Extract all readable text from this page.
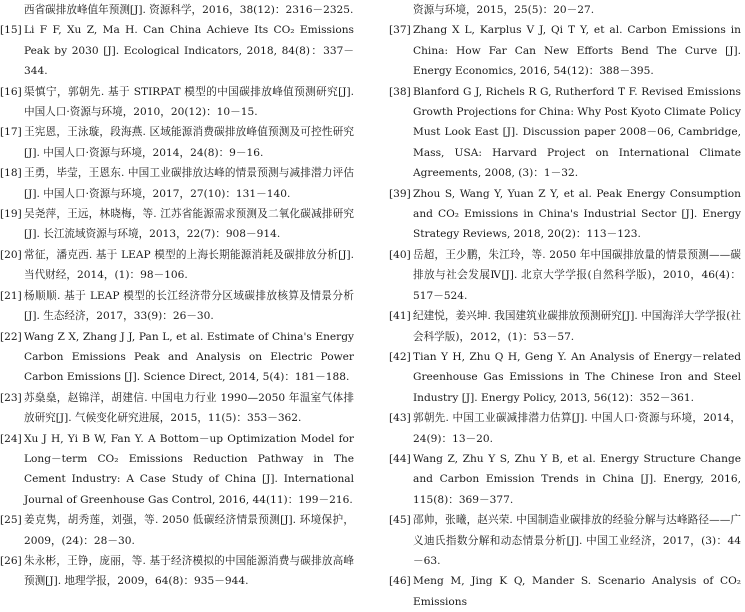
西省碳排放峰值年预测[J]. 资源科学，2016，38(12)：2316－2325.
[15] Li F F, Xu Z, Ma H. Can China Achieve Its CO₂ Emissions Peak by 2030 [J]. Ecological Indicators, 2018, 84(8)：337－344.
[16] 渠慎宁，郭朝先. 基于 STIRPAT 模型的中国碳排放峰值预测研究[J]. 中国人口·资源与环境，2010，20(12)：10－15.
[17] 王宪恩，王泳璇，段海燕. 区域能源消费碳排放峰值预测及可控性研究[J]. 中国人口·资源与环境，2014，24(8)：9－16.
[18] 王勇，毕莹，王恩东. 中国工业碳排放达峰的情景预测与减排潜力评估[J]. 中国人口·资源与环境，2017，27(10)：131－140.
[19] 吴尧萍，王远，林晓梅，等. 江苏省能源需求预测及二氧化碳减排研究[J]. 长江流域资源与环境，2013，22(7)：908－914.
[20] 常征，潘克西. 基于 LEAP 模型的上海长期能源消耗及碳排放分析[J]. 当代财经，2014，(1)：98－106.
[21] 杨顺顺. 基于 LEAP 模型的长江经济带分区域碳排放核算及情景分析[J]. 生态经济，2017，33(9)：26－30.
[22] Wang Z X, Zhang J J, Pan L, et al. Estimate of China's Energy Carbon Emissions Peak and Analysis on Electric Power Carbon Emissions [J]. Science Direct, 2014, 5(4)：181－188.
[23] 苏燊燊，赵锦洋，胡建信. 中国电力行业 1990—2050 年温室气体排放研究[J]. 气候变化研究进展，2015，11(5)：353－362.
[24] Xu J H, Yi B W, Fan Y. A Bottom－up Optimization Model for Long－term CO₂ Emissions Reduction Pathway in The Cement Industry: A Case Study of China [J]. International Journal of Greenhouse Gas Control, 2016, 44(11)：199－216.
[25] 姜克隽，胡秀莲，刘强，等. 2050 低碳经济情景预测[J]. 环境保护，2009，(24)：28－30.
[26] 朱永彬，王铮，庞丽，等. 基于经济模拟的中国能源消费与碳排放高峰预测[J]. 地理学报，2009，64(8)：935－944.
资源与环境，2015，25(5)：20－27.
[37] Zhang X L, Karplus V J, Qi T Y, et al. Carbon Emissions in China: How Far Can New Efforts Bend The Curve [J]. Energy Economics, 2016, 54(12)：388－395.
[38] Blanford G J, Richels R G, Rutherford T F. Revised Emissions Growth Projections for China: Why Post Kyoto Climate Policy Must Look East [J]. Discussion paper 2008－06, Cambridge, Mass, USA: Harvard Project on International Climate Agreements, 2008, (3)：1－32.
[39] Zhou S, Wang Y, Yuan Z Y, et al. Peak Energy Consumption and CO₂ Emissions in China's Industrial Sector [J]. Energy Strategy Reviews, 2018, 20(2)：113－123.
[40] 岳超，王少鹏，朱江玲，等. 2050 年中国碳排放量的情景预测——碳排放与社会发展Ⅳ[J]. 北京大学学报(自然科学版)，2010，46(4)：517－524.
[41] 纪建悦，姜兴坤. 我国建筑业碳排放预测研究[J]. 中国海洋大学学报(社会科学版)，2012，(1)：53－57.
[42] Tian Y H, Zhu Q H, Geng Y. An Analysis of Energy－related Greenhouse Gas Emissions in The Chinese Iron and Steel Industry [J]. Energy Policy, 2013, 56(12)：352－361.
[43] 郭朝先. 中国工业碳减排潜力估算[J]. 中国人口·资源与环境，2014，24(9)：13－20.
[44] Wang Z, Zhu Y S, Zhu Y B, et al. Energy Structure Change and Carbon Emission Trends in China [J]. Energy, 2016, 115(8)：369－377.
[45] 邵帅，张曦，赵兴荣. 中国制造业碳排放的经验分解与达峰路径——广义迪氏指数分解和动态情景分析[J]. 中国工业经济，2017，(3)：44－63.
[46] Meng M, Jing K Q, Mander S. Scenario Analysis of CO₂ Emissions
